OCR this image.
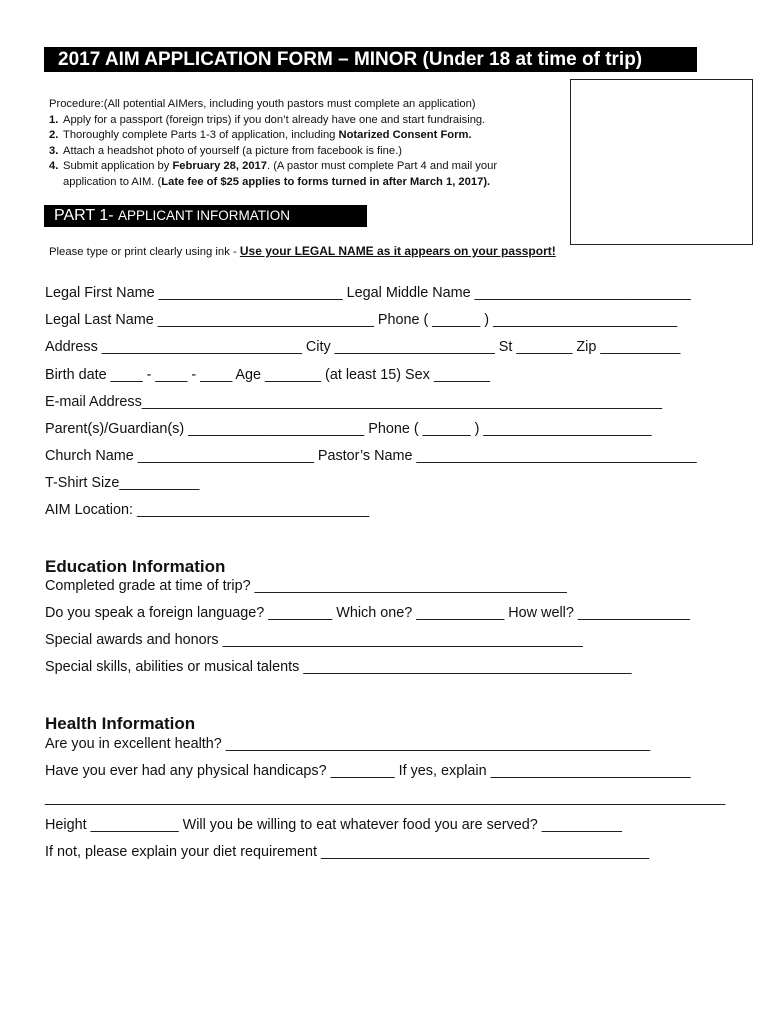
2017 AIM APPLICATION FORM – MINOR (Under 18 at time of trip)
Procedure:(All potential AIMers, including youth pastors must complete an application)
1. Apply for a passport (foreign trips) if you don’t already have one and start fundraising.
2. Thoroughly complete Parts 1-3 of application, including Notarized Consent Form.
3. Attach a headshot photo of yourself (a picture from facebook is fine.)
4. Submit application by February 28, 2017. (A pastor must complete Part 4 and mail your
application to AIM. (Late fee of $25 applies to forms turned in after March 1, 2017).
PART 1- APPLICANT INFORMATION
Please type or print clearly using ink - Use your LEGAL NAME as it appears on your passport!
Legal First Name _______________________ Legal Middle Name ___________________________
Legal Last Name ___________________________ Phone ( ______ ) _______________________
Address _________________________ City ____________________ St _______ Zip __________
Birth date ____ - ____ - ____ Age _______ (at least 15) Sex _______
E-mail Address_________________________________________________________________
Parent(s)/Guardian(s) ______________________ Phone ( ______ ) _____________________
Church Name ______________________ Pastor’s Name ___________________________________
T-Shirt Size__________
AIM Location: _____________________________
Education Information
Completed grade at time of trip? _______________________________________
Do you speak a foreign language? ________ Which one? ___________ How well? ______________
Special awards and honors _____________________________________________
Special skills, abilities or musical talents _________________________________________
Health Information
Are you in excellent health? _____________________________________________________
Have you ever had any physical handicaps? ________ If yes, explain _________________________
_____________________________________________________________________________________
Height ___________ Will you be willing to eat whatever food you are served? __________
If not, please explain your diet requirement _________________________________________
